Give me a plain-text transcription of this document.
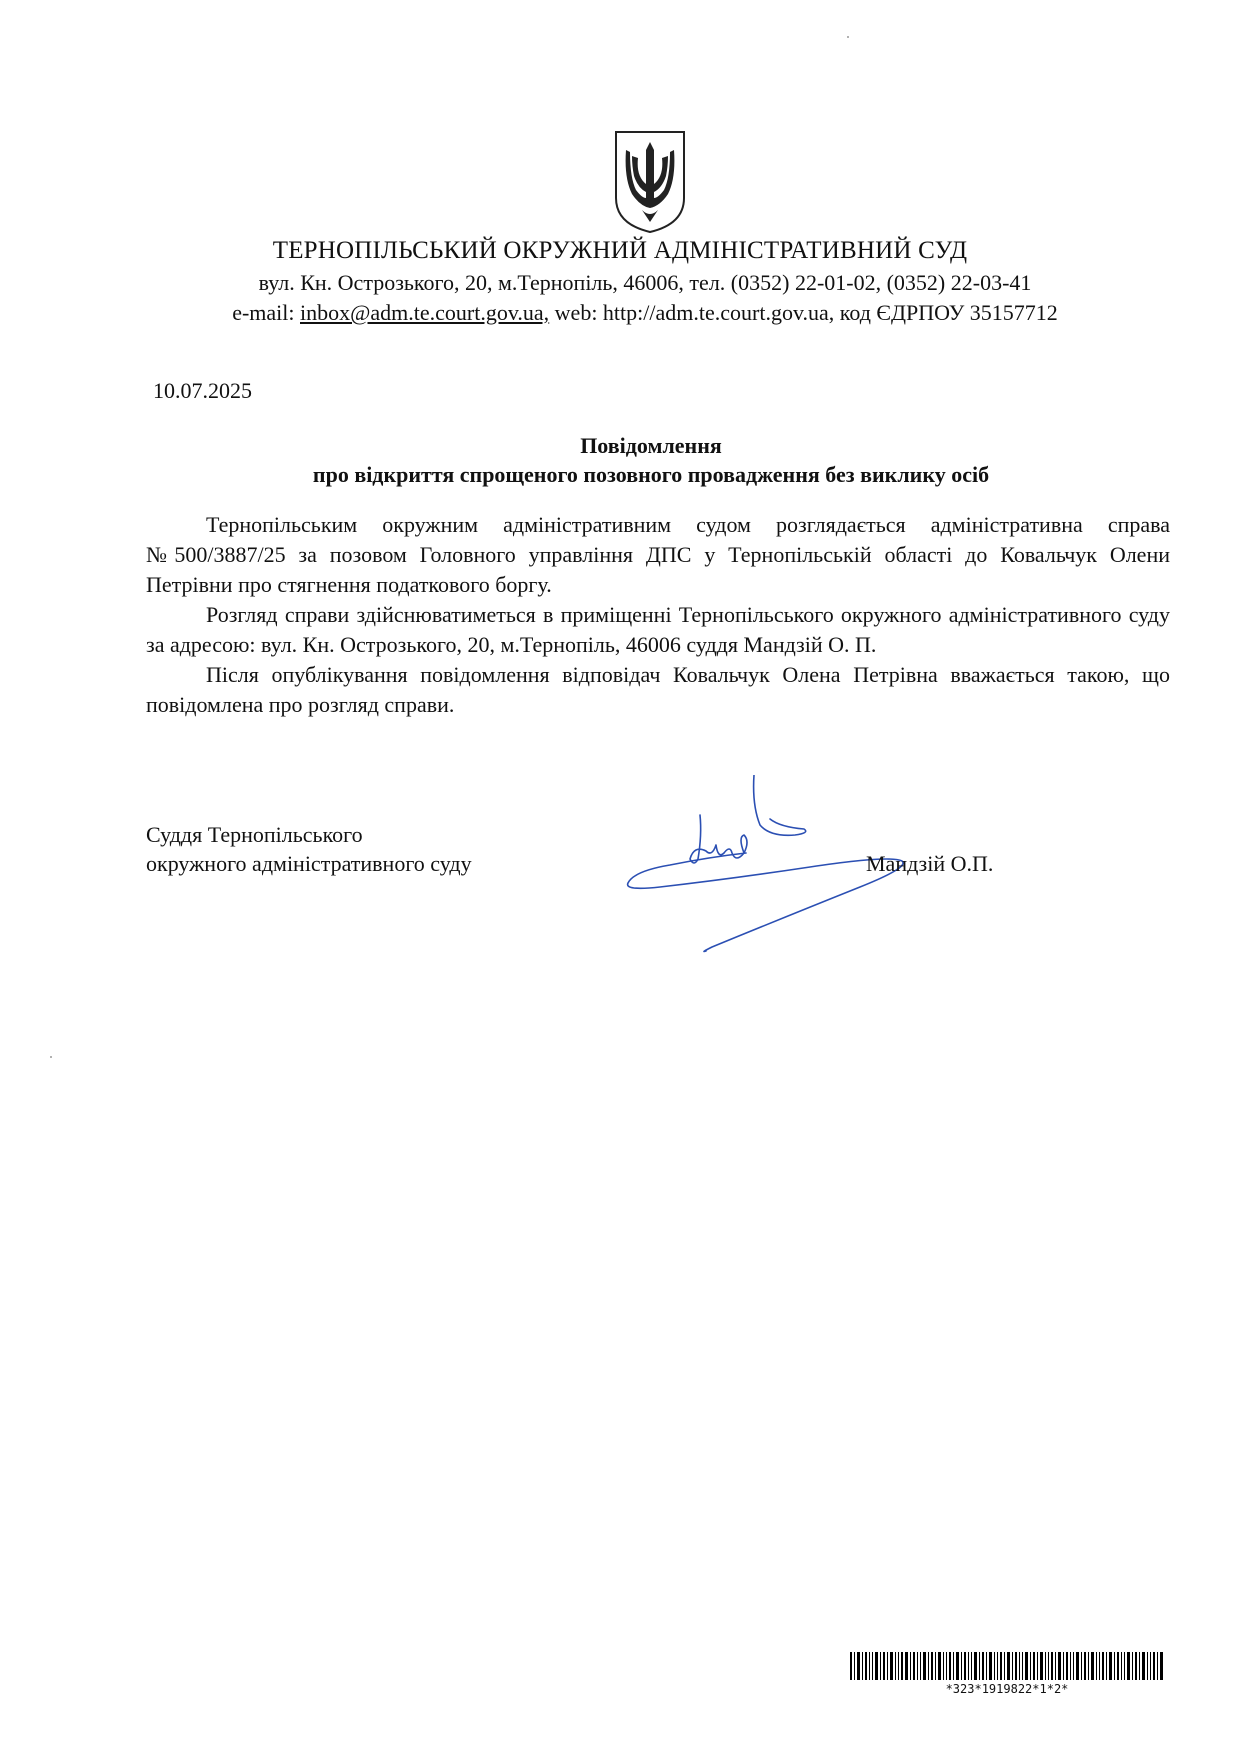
ТЕРНОПІЛЬСЬКИЙ ОКРУЖНИЙ АДМІНІСТРАТИВНИЙ СУД
вул. Кн. Острозького, 20, м.Тернопіль, 46006, тел. (0352) 22-01-02, (0352) 22-03-41
e-mail: inbox@adm.te.court.gov.ua, web: http://adm.te.court.gov.ua, код ЄДРПОУ 35157712
10.07.2025
Повідомлення
про відкриття спрощеного позовного провадження без виклику осіб

Тернопільським окружним адміністративним судом розглядається адміністративна справа №500/3887/25 за позовом Головного управління ДПС у Тернопільській області до Ковальчук Олени Петрівни про стягнення податкового боргу.

Розгляд справи здійснюватиметься в приміщенні Тернопільського окружного адміністративного суду за адресою: вул. Кн. Острозького, 20, м.Тернопіль, 46006 суддя Мандзій О. П.

Після опублікування повідомлення відповідач Ковальчук Олена Петрівна вважається такою, що повідомлена про розгляд справи.

Суддя Тернопільського
окружного адміністративного суду	Мандзій О.П.
*323*1919822*1*2*
